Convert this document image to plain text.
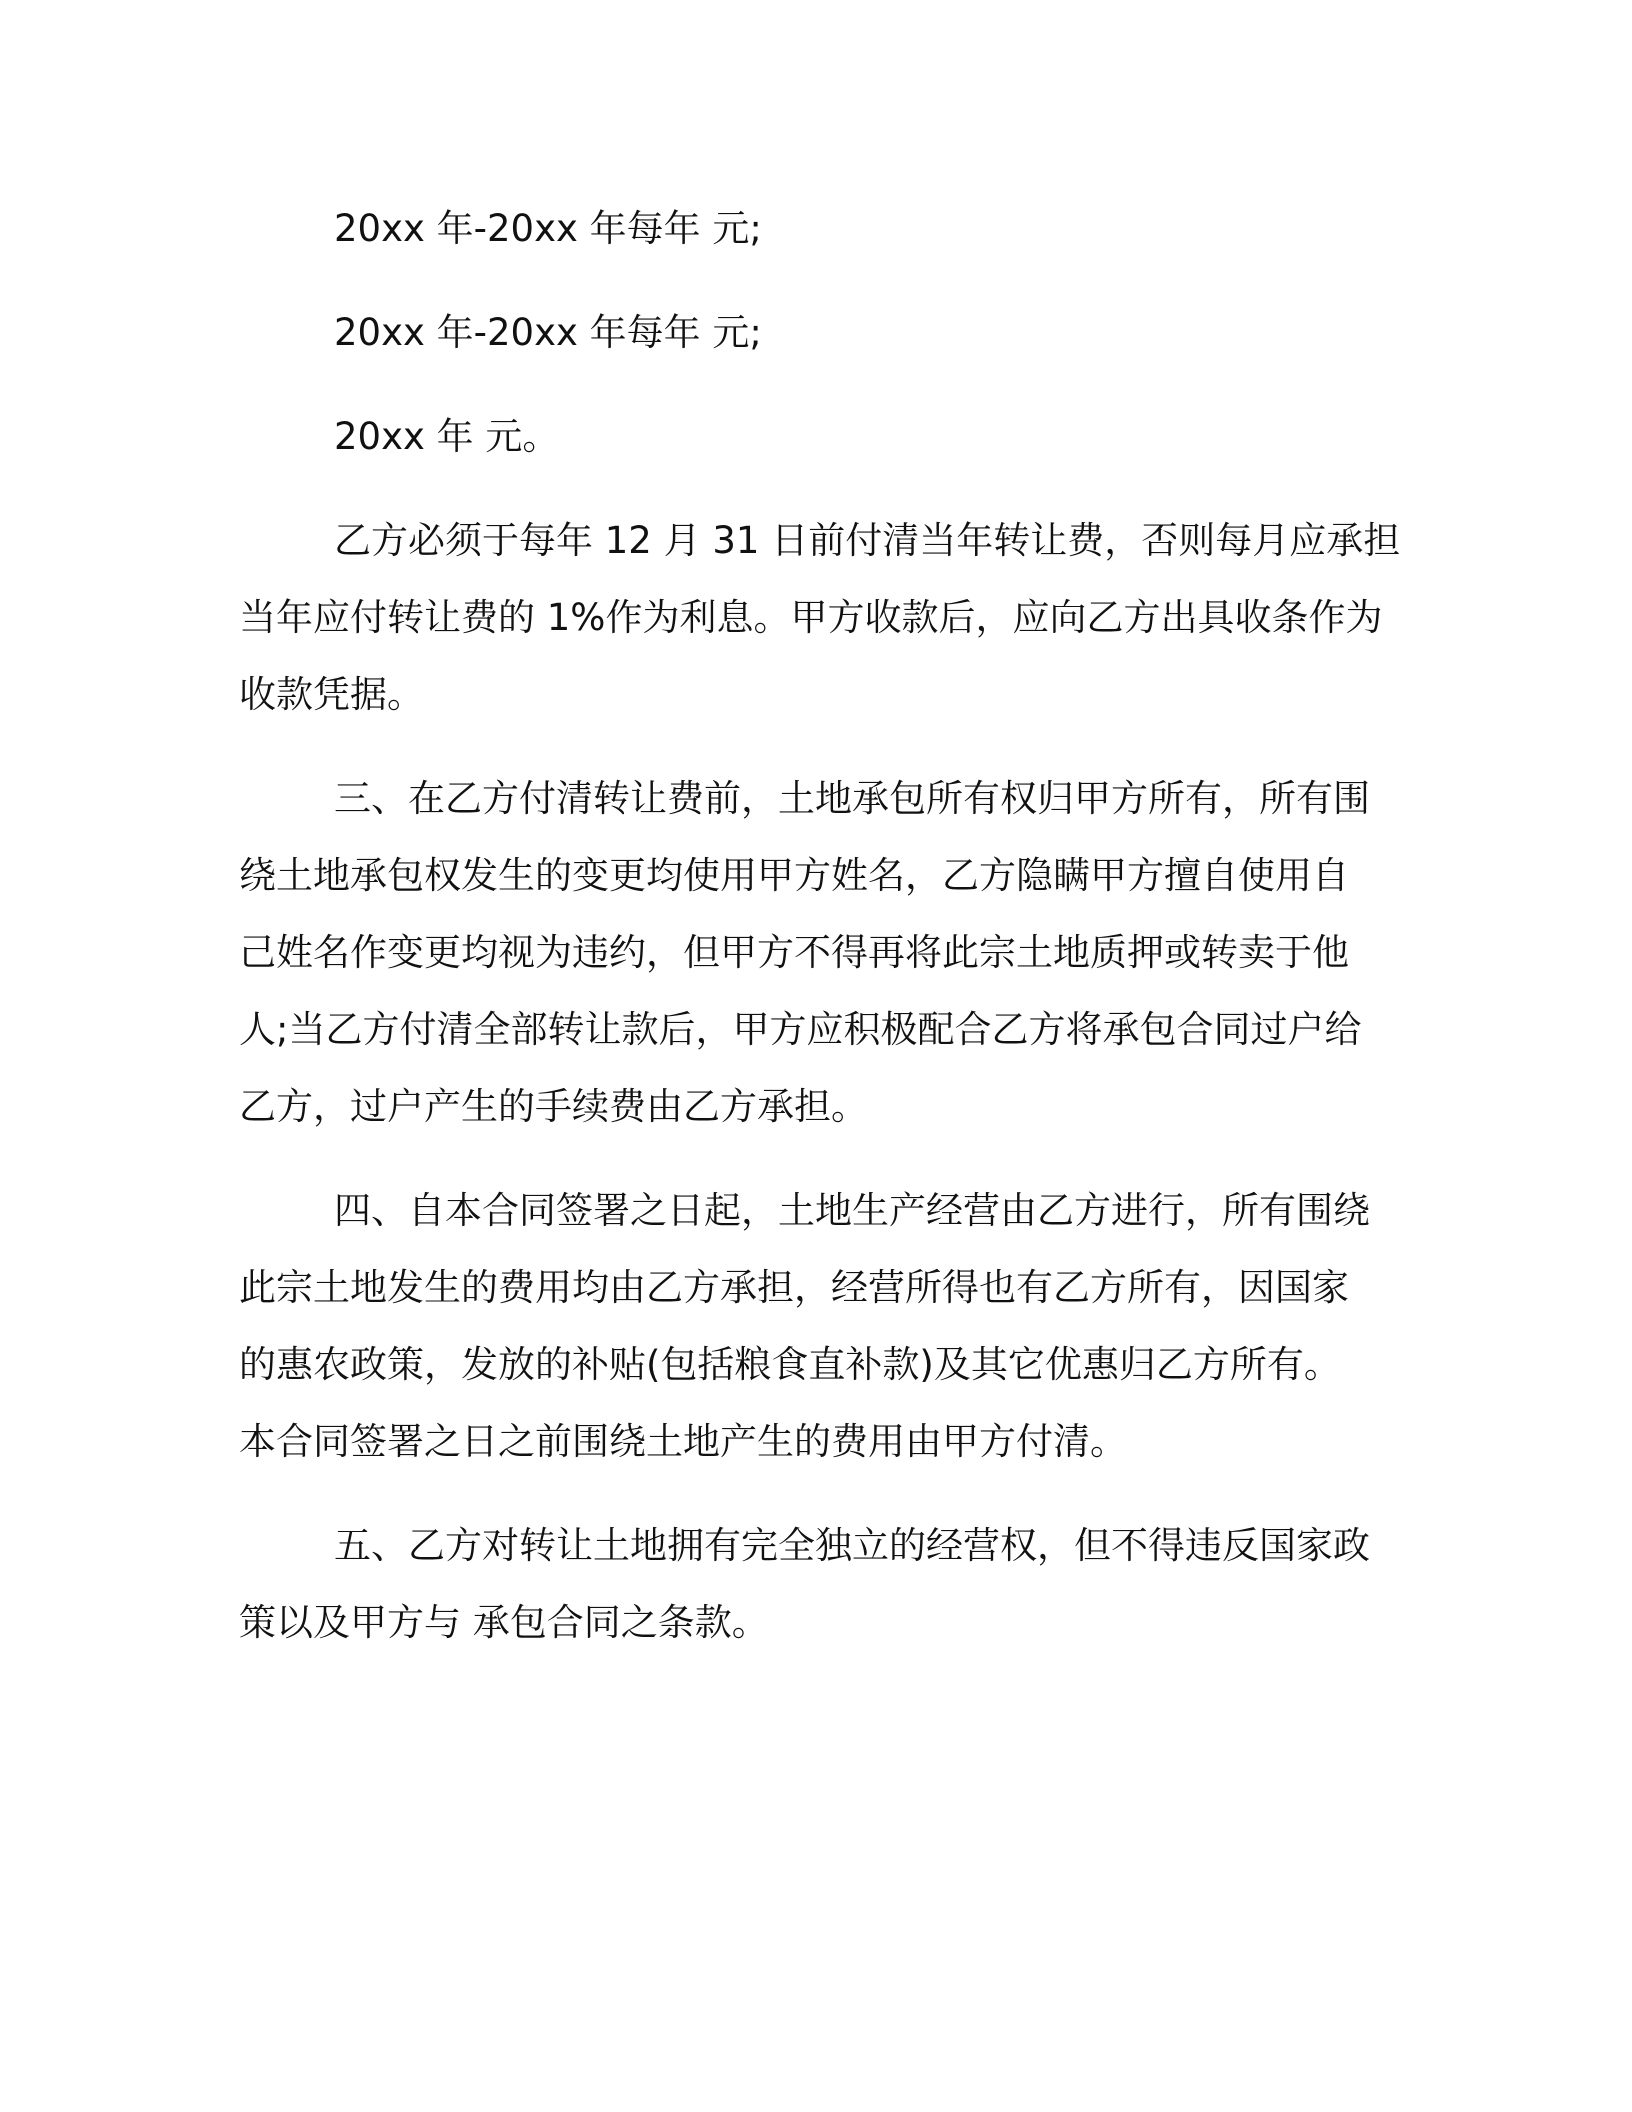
20xx 年-20xx 年每年 元;

20xx 年-20xx 年每年 元;

20xx 年 元。

乙方必须于每年 12 月 31 日前付清当年转让费，否则每月应承担

当年应付转让费的 1%作为利息。甲方收款后，应向乙方出具收条作为

收款凭据。

三、在乙方付清转让费前，土地承包所有权归甲方所有，所有围

绕土地承包权发生的变更均使用甲方姓名，乙方隐瞒甲方擅自使用自

己姓名作变更均视为违约，但甲方不得再将此宗土地质押或转卖于他

人;当乙方付清全部转让款后，甲方应积极配合乙方将承包合同过户给

乙方，过户产生的手续费由乙方承担。

四、自本合同签署之日起，土地生产经营由乙方进行，所有围绕

此宗土地发生的费用均由乙方承担，经营所得也有乙方所有，因国家

的惠农政策，发放的补贴(包括粮食直补款)及其它优惠归乙方所有。

本合同签署之日之前围绕土地产生的费用由甲方付清。

五、乙方对转让土地拥有完全独立的经营权，但不得违反国家政

策以及甲方与 承包合同之条款。
